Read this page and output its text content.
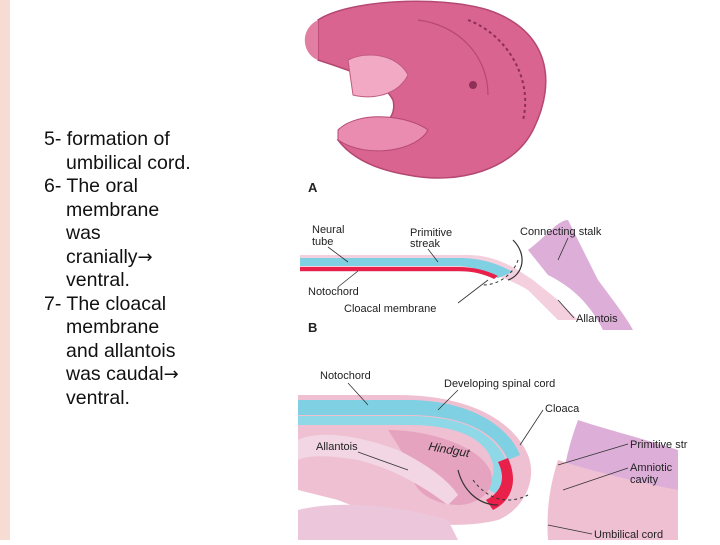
5- formation of
umbilical cord.
6- The oral
membrane
was
cranially→
ventral.
7- The cloacal
membrane
and allantois
was caudal→
ventral.
A
Neural
tube
Primitive
streak
Connecting stalk
Notochord
Cloacal membrane
Allantois
B
Notochord
Developing spinal cord
Cloaca
Allantois	Hindgut	Primitive str
Amniotic
cavity
Umbilical cord
